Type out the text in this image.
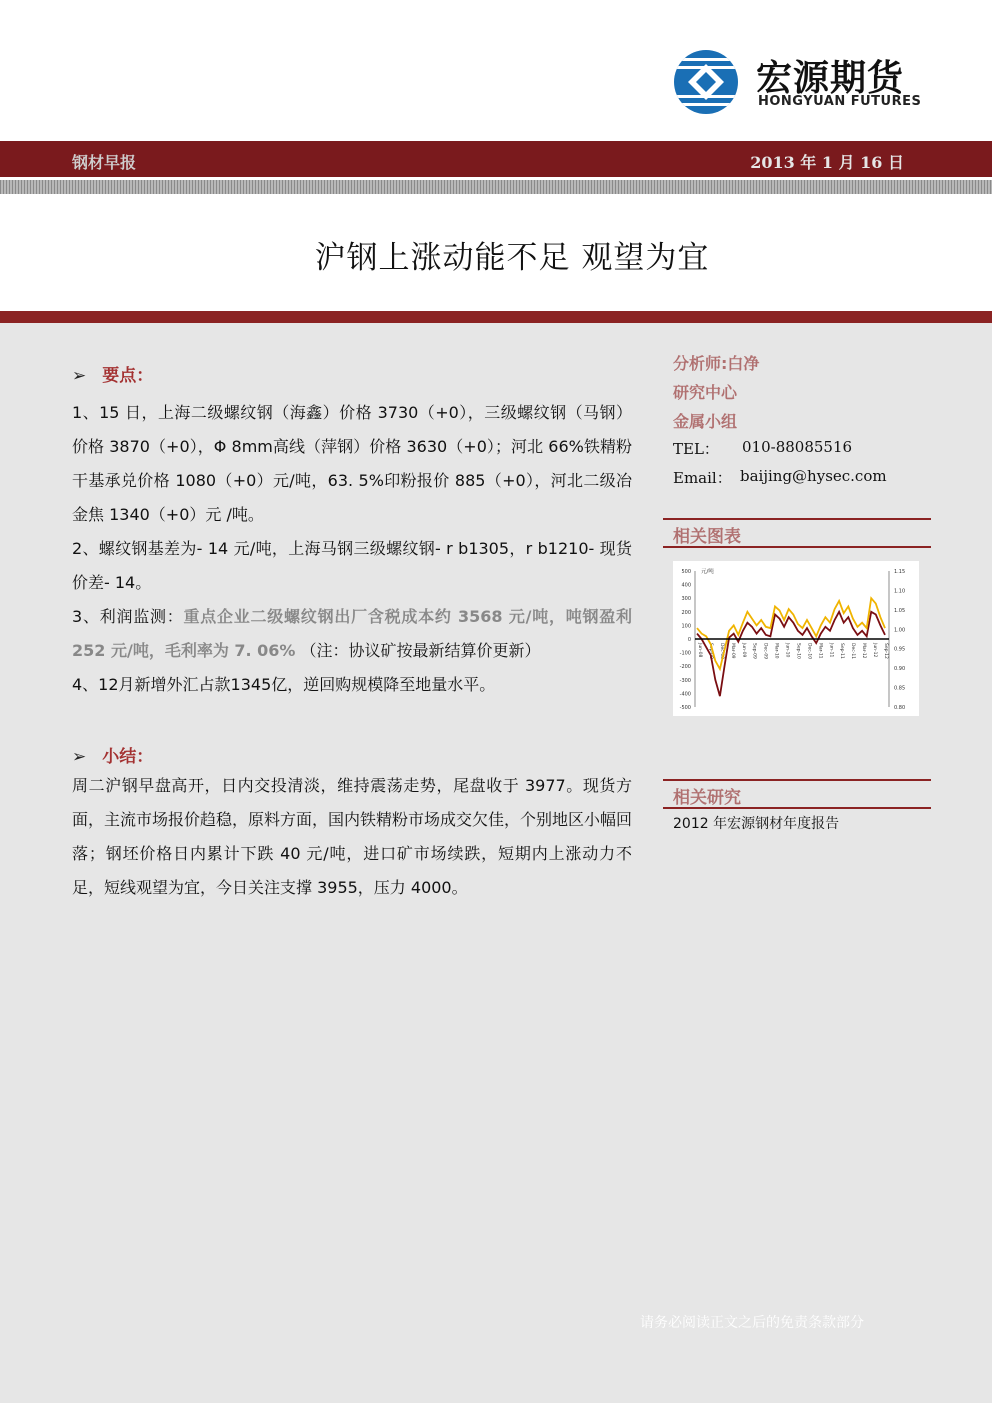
宏源期货
HONGYUAN FUTURES
钢材早报	2013 年 1 月 16 日
沪钢上涨动能不足 观望为宜
➢ 要点：
1、15 日，上海二级螺纹钢（海鑫）价格 3730（+0），三级螺纹钢（马钢）价格 3870（+0），Φ 8mm高线（萍钢）价格 3630（+0）；河北 66%铁精粉干基承兑价格 1080（+0）元/吨，63. 5%印粉报价 885（+0），河北二级冶金焦 1340（+0）元 /吨。
2、螺纹钢基差为- 14 元/吨，上海马钢三级螺纹钢- r b1305，r b1210- 现货价差- 14。
3、利润监测：重点企业二级螺纹钢出厂含税成本约 3568 元/吨，吨钢盈利 252 元/吨，毛利率为 7. 06% （注：协议矿按最新结算价更新）
4、12月新增外汇占款1345亿，逆回购规模降至地量水平。
➢ 小结：
周二沪钢早盘高开，日内交投清淡，维持震荡走势，尾盘收于 3977。现货方面，主流市场报价趋稳，原料方面，国内铁精粉市场成交欠佳，个别地区小幅回落；钢坯价格日内累计下跌 40 元/吨，进口矿市场续跌，短期内上涨动力不足，短线观望为宜，今日关注支撑 3955，压力 4000。
分析师:白净
研究中心
金属小组
TEL： 010-88085516
Email： baijing@hysec.com
相关图表
500
400
300
200
100
0
-100
-200
-300
-400
-500
1.15
1.10
1.05
1.00
0.95
0.90
0.85
0.80
元/吨
Jun-08 Sep-08 Dec-08 Mar-09 Jun-09 Sep-09 Dec-09 Mar-10 Jun-10 Sep-10 Dec-10 Mar-11 Jun-11 Sep-11 Dec-11 Mar-12 Jun-12 Sep-12
相关研究
2012 年宏源钢材年度报告
请务必阅读正文之后的免责条款部分
